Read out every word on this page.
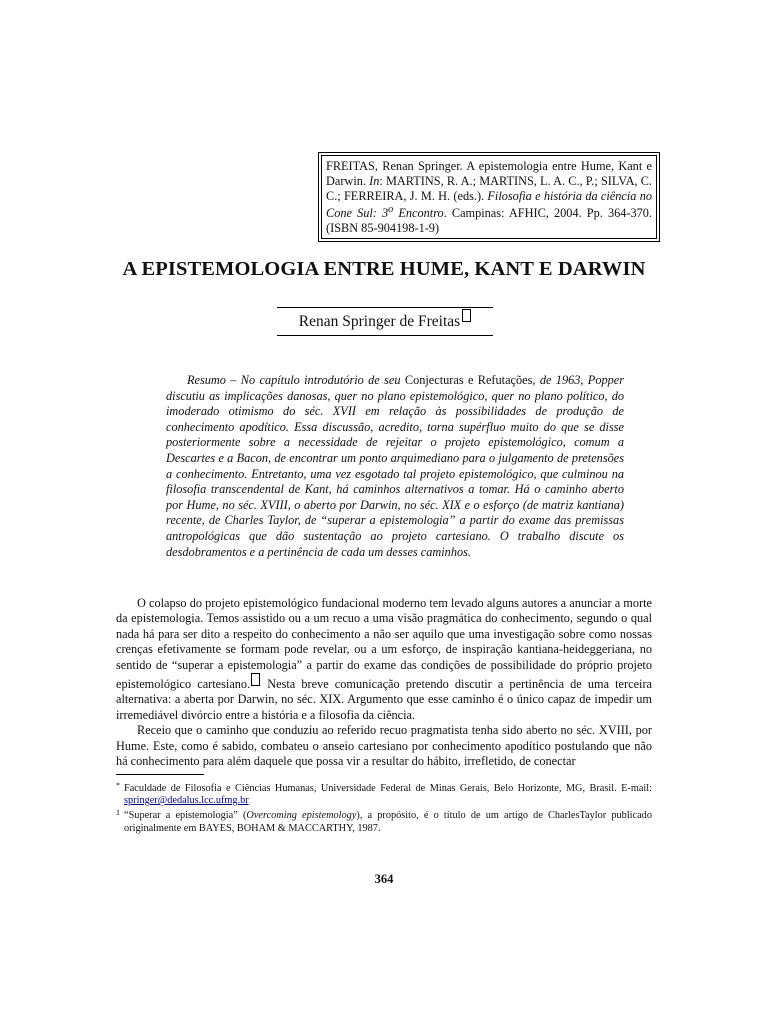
FREITAS, Renan Springer. A epistemologia entre Hume, Kant e Darwin. In: MARTINS, R. A.; MARTINS, L. A. C., P.; SILVA, C. C.; FERREIRA, J. M. H. (eds.). Filosofia e história da ciência no Cone Sul: 3$^o$ Encontro. Campinas: AFHIC, 2004. Pp. 364-370. (ISBN 85-904198-1-9)
A EPISTEMOLOGIA ENTRE HUME, KANT E DARWIN
Renan Springer de Freitas
Resumo – No capítulo introdutório de seu Conjecturas e Refutações, de 1963, Popper discutiu as implicações danosas, quer no plano epistemológico, quer no plano político, do imoderado otimismo do séc. XVII em relação às possibilidades de produção de conhecimento apodítico. Essa discussão, acredito, torna supérfluo muito do que se disse posteriormente sobre a necessidade de rejeitar o projeto epistemológico, comum a Descartes e a Bacon, de encontrar um ponto arquimediano para o julgamento de pretensões a conhecimento. Entretanto, uma vez esgotado tal projeto epistemológico, que culminou na filosofia transcendental de Kant, há caminhos alternativos a tomar. Há o caminho aberto por Hume, no séc. XVIII, o aberto por Darwin, no séc. XIX e o esforço (de matriz kantiana) recente, de Charles Taylor, de “superar a epistemologia” a partir do exame das premissas antropológicas que dão sustentação ao projeto cartesiano. O trabalho discute os desdobramentos e a pertinência de cada um desses caminhos.

O colapso do projeto epistemológico fundacional moderno tem levado alguns autores a anunciar a morte da epistemologia. Temos assistido ou a um recuo a uma visão pragmática do conhecimento, segundo o qual nada há para ser dito a respeito do conhecimento a não ser aquilo que uma investigação sobre como nossas crenças efetivamente se formam pode revelar, ou a um esforço, de inspiração kantiana-heideggeriana, no sentido de “superar a epistemologia” a partir do exame das condições de possibilidade do próprio projeto epistemológico cartesiano. Nesta breve comunicação pretendo discutir a pertinência de uma terceira alternativa: a aberta por Darwin, no séc. XIX. Argumento que esse caminho é o único capaz de impedir um irremediável divórcio entre a história e a filosofia da ciência.

Receio que o caminho que conduziu ao referido recuo pragmatista tenha sido aberto no séc. XVIII, por Hume. Este, como é sabido, combateu o anseio cartesiano por conhecimento apodítico postulando que não há conhecimento para além daquele que possa vir a resultar do hábito, irrefletido, de conectar

* Faculdade de Filosofia e Ciências Humanas, Universidade Federal de Minas Gerais, Belo Horizonte, MG, Brasil. E-mail: springer@dedalus.lcc.ufmg.br
1 “Superar a epistemologia” (Overcoming epistemology), a propósito, é o título de um artigo de CharlesTaylor publicado originalmente em BAYES, BOHAM & MACCARTHY, 1987.
364
